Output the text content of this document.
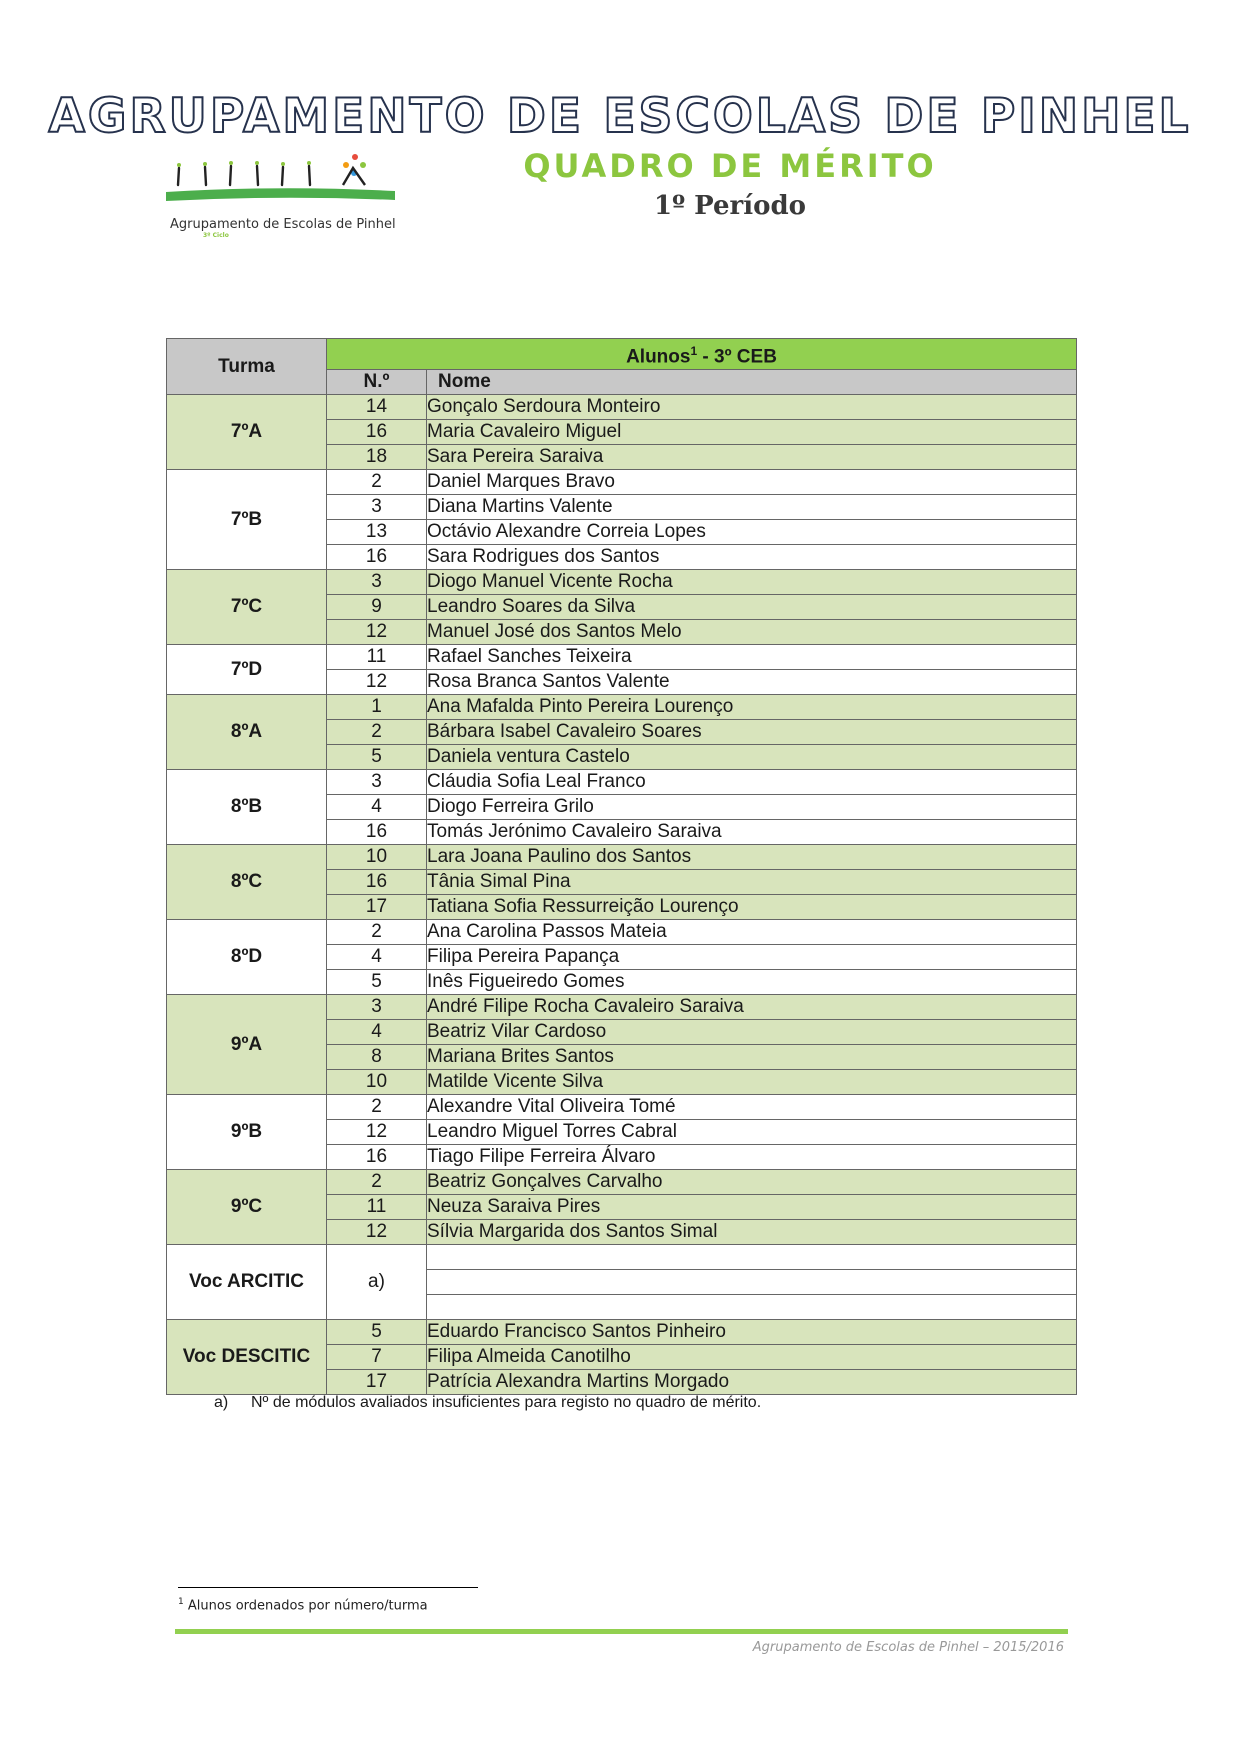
AGRUPAMENTO DE ESCOLAS DE PINHEL
QUADRO DE MÉRITO
1º Período
Agrupamento de Escolas de Pinhel
3º Ciclo
Turma	Alunos$^1$ - 3º CEB	
	N.º	Nome
7ºA	14	Gonçalo Serdoura Monteiro
	16	Maria Cavaleiro Miguel
	18	Sara Pereira Saraiva
7ºB	2	Daniel Marques Bravo
	3	Diana Martins Valente
	13	Octávio Alexandre Correia Lopes
	16	Sara Rodrigues dos Santos
7ºC	3	Diogo Manuel Vicente Rocha
	9	Leandro Soares da Silva
	12	Manuel José dos Santos Melo
7ºD	11	Rafael Sanches Teixeira
	12	Rosa Branca Santos Valente
8ºA	1	Ana Mafalda Pinto Pereira Lourenço
	2	Bárbara Isabel Cavaleiro Soares
	5	Daniela ventura Castelo
8ºB	3	Cláudia Sofia Leal Franco
	4	Diogo Ferreira Grilo
	16	Tomás Jerónimo Cavaleiro Saraiva
8ºC	10	Lara Joana Paulino dos Santos
	16	Tânia Simal Pina
	17	Tatiana Sofia Ressurreição Lourenço
8ºD	2	Ana Carolina Passos Mateia
	4	Filipa Pereira Papança
	5	Inês Figueiredo Gomes
9ºA	3	André Filipe Rocha Cavaleiro Saraiva
	4	Beatriz Vilar Cardoso
	8	Mariana Brites Santos
	10	Matilde Vicente Silva
9ºB	2	Alexandre Vital Oliveira Tomé
	12	Leandro Miguel Torres Cabral
	16	Tiago Filipe Ferreira Álvaro
9ºC	2	Beatriz Gonçalves Carvalho
	11	Neuza Saraiva Pires
	12	Sílvia Margarida dos Santos Simal
Voc ARCITIC	a)	

Voc DESCITIC	5	Eduardo Francisco Santos Pinheiro
	7	Filipa Almeida Canotilho
	17	Patrícia Alexandra Martins Morgado
a) Nº de módulos avaliados insuficientes para registo no quadro de mérito.
$^1$ Alunos ordenados por número/turma
Agrupamento de Escolas de Pinhel – 2015/2016
